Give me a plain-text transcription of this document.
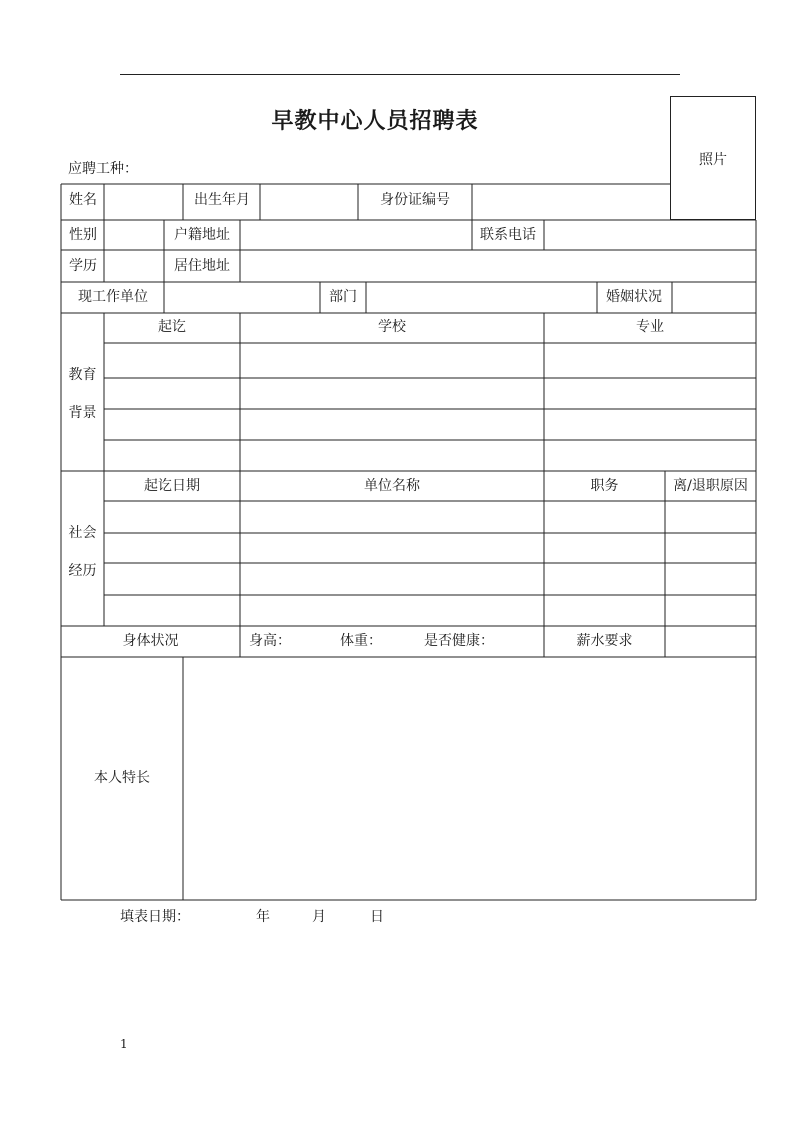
早教中心人员招聘表
应聘工种：
照片
姓名	出生年月	身份证编号
性别	户籍地址	联系电话
学历	居住地址
现工作单位	部门	婚姻状况
教育
背景
起讫	学校	专业
社会
经历
起讫日期	单位名称	职务	离/退职原因
身体状况	身高：	体重：	是否健康：	薪水要求
本人特长
填表日期：	年	月	日
1
